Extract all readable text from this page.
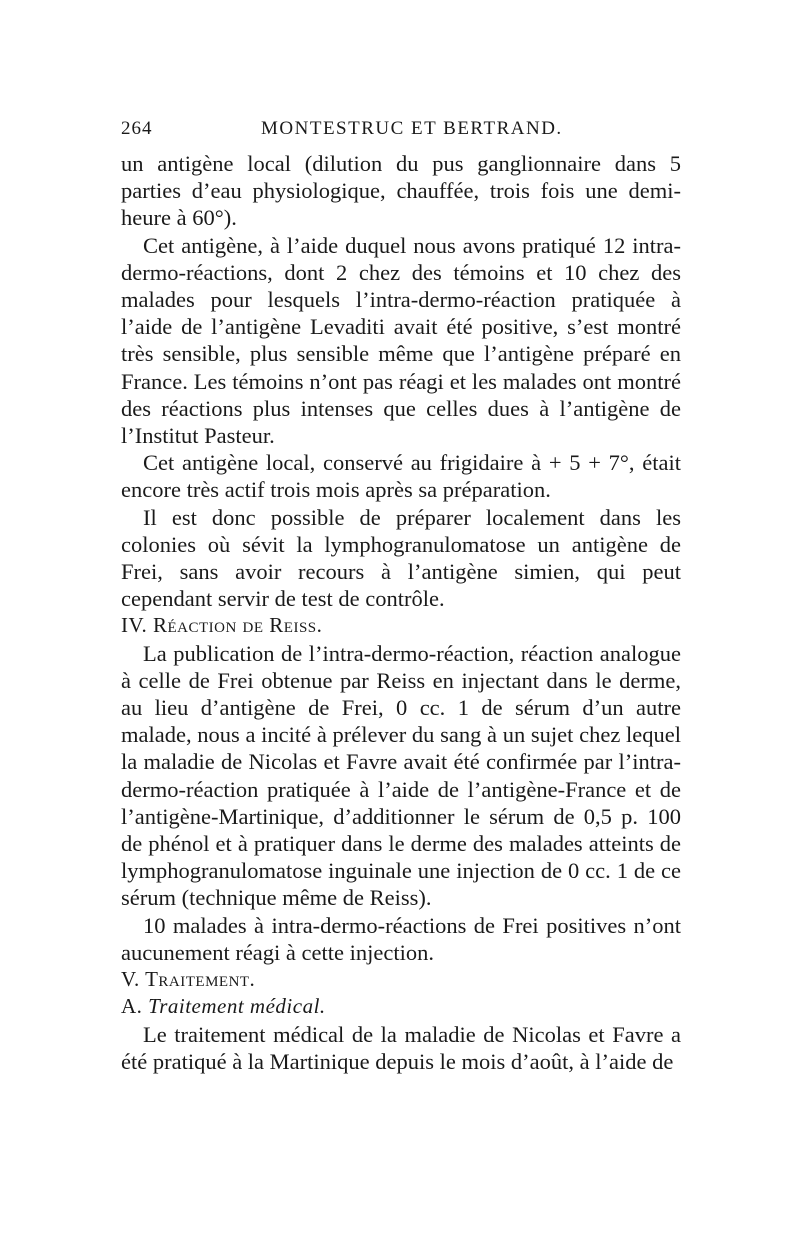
264	MONTESTRUC ET BERTRAND.

un antigène local (dilution du pus ganglionnaire dans 5 parties d’eau physiologique, chauffée, trois fois une demi-heure à 60°).

Cet antigène, à l’aide duquel nous avons pratiqué 12 intra-dermo-réactions, dont 2 chez des témoins et 10 chez des malades pour lesquels l’intra-dermo-réaction pratiquée à l’aide de l’antigène Levaditi avait été positive, s’est montré très sensible, plus sensible même que l’antigène préparé en France. Les témoins n’ont pas réagi et les malades ont montré des réactions plus intenses que celles dues à l’antigène de l’Institut Pasteur.

Cet antigène local, conservé au frigidaire à + 5 + 7°, était encore très actif trois mois après sa préparation.

Il est donc possible de préparer localement dans les colonies où sévit la lymphogranulomatose un antigène de Frei, sans avoir recours à l’antigène simien, qui peut cependant servir de test de contrôle.

IV. Réaction de Reiss.

La publication de l’intra-dermo-réaction, réaction analogue à celle de Frei obtenue par Reiss en injectant dans le derme, au lieu d’antigène de Frei, 0 cc. 1 de sérum d’un autre malade, nous a incité à prélever du sang à un sujet chez lequel la maladie de Nicolas et Favre avait été confirmée par l’intra-dermo-réaction pratiquée à l’aide de l’antigène-France et de l’antigène-Martinique, d’additionner le sérum de 0,5 p. 100 de phénol et à pratiquer dans le derme des malades atteints de lymphogranulomatose inguinale une injection de 0 cc. 1 de ce sérum (technique même de Reiss).

10 malades à intra-dermo-réactions de Frei positives n’ont aucunement réagi à cette injection.

V. Traitement.

A. Traitement médical.

Le traitement médical de la maladie de Nicolas et Favre a été pratiqué à la Martinique depuis le mois d’août, à l’aide de
